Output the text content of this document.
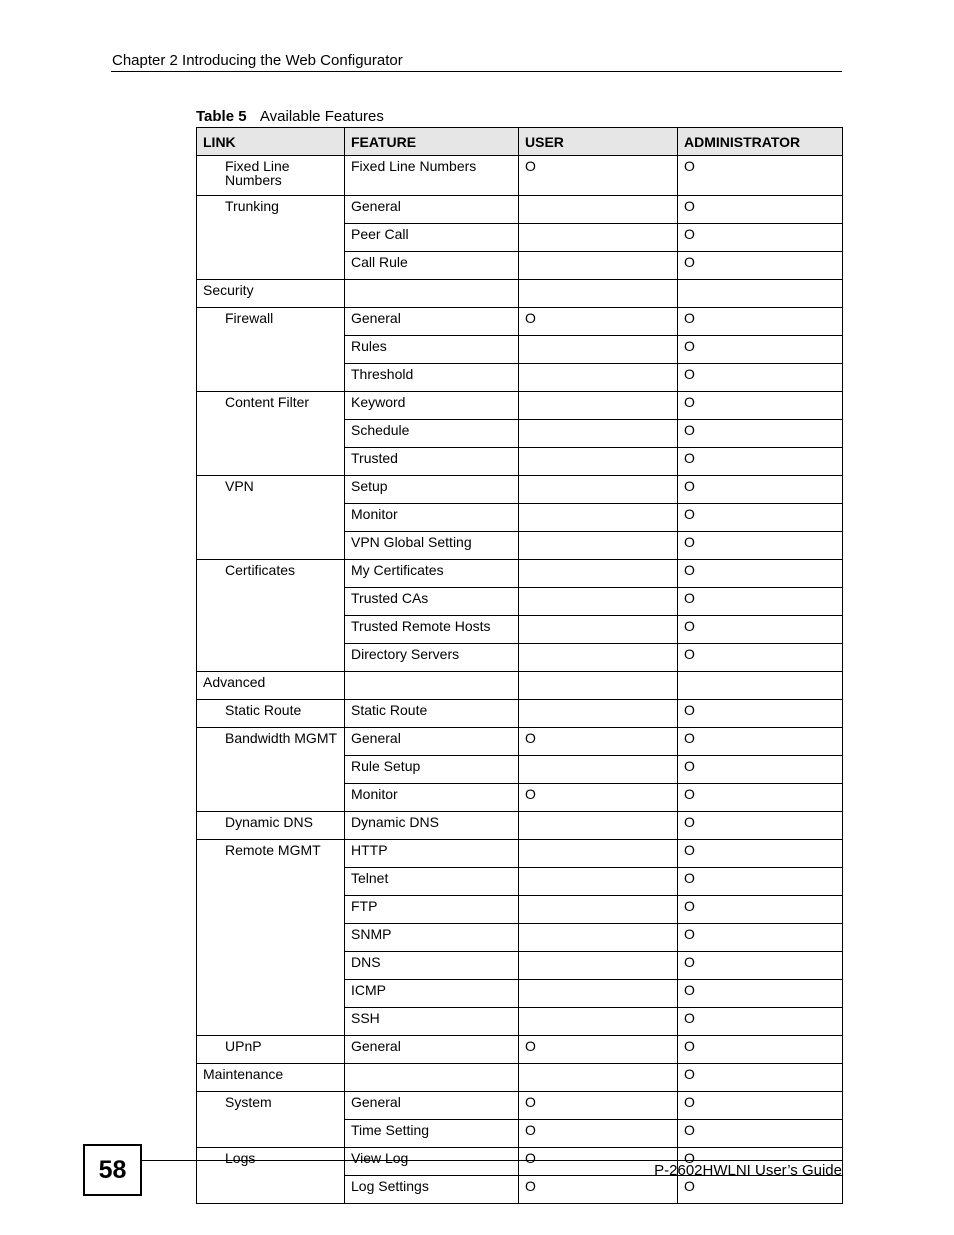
Chapter 2 Introducing the Web Configurator
Table 5 Available Features
LINK	FEATURE	USER	ADMINISTRATOR
Fixed Line Numbers	Fixed Line Numbers	O	O
Trunking	General		O
	Peer Call		O
	Call Rule		O
Security			
Firewall	General	O	O
	Rules		O
	Threshold		O
Content Filter	Keyword		O
	Schedule		O
	Trusted		O
VPN	Setup		O
	Monitor		O
	VPN Global Setting		O
Certificates	My Certificates		O
	Trusted CAs		O
	Trusted Remote Hosts		O
	Directory Servers		O
Advanced			
Static Route	Static Route		O
Bandwidth MGMT	General	O	O
	Rule Setup		O
	Monitor	O	O
Dynamic DNS	Dynamic DNS		O
Remote MGMT	HTTP		O
	Telnet		O
	FTP		O
	SNMP		O
	DNS		O
	ICMP		O
	SSH		O
UPnP	General	O	O
Maintenance			O
System	General	O	O
	Time Setting	O	O
Logs	View Log	O	O
	Log Settings	O	O
58	P-2602HWLNI User’s Guide
